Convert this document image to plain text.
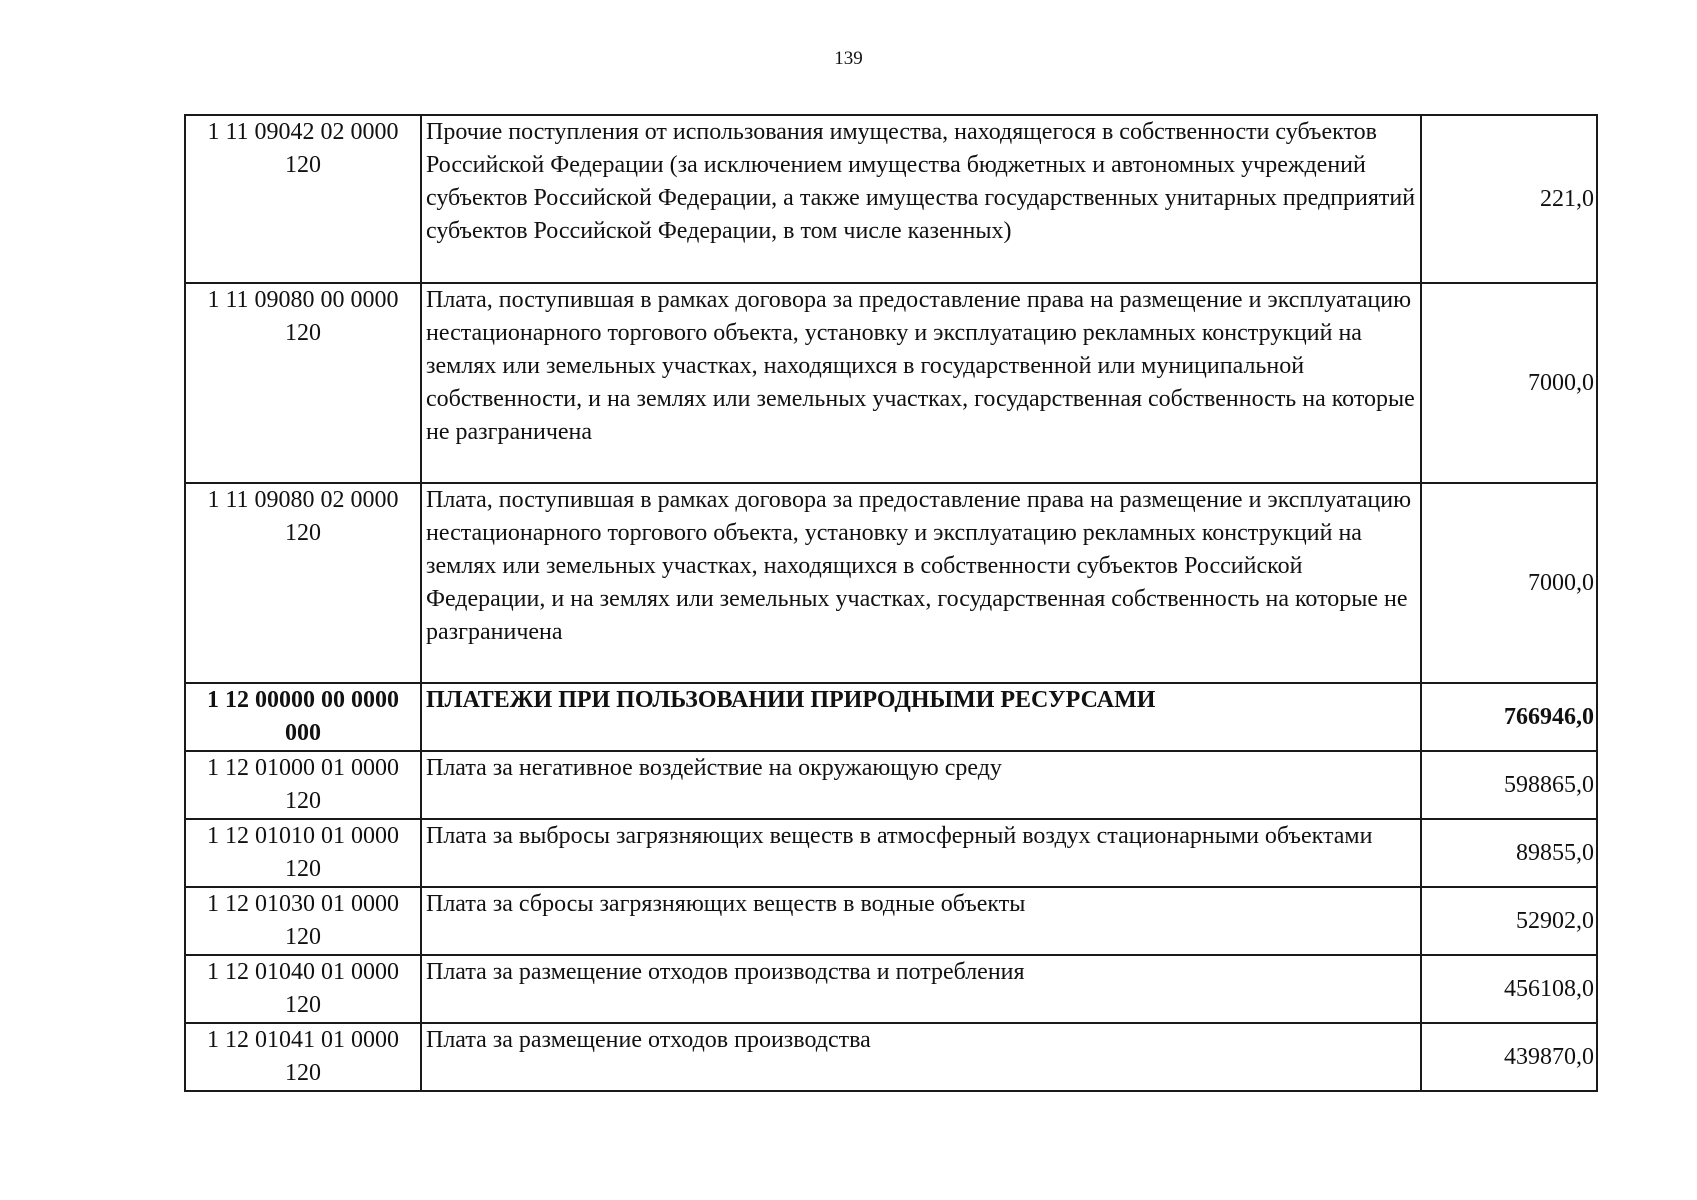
139
1 11 09042 02 0000 120	Прочие поступления от использования имущества, находящегося в собственности субъектов Российской Федерации (за исключением имущества бюджетных и автономных учреждений субъектов Российской Федерации, а также имущества государственных унитарных предприятий субъектов Российской Федерации, в том числе казенных)	221,0
1 11 09080 00 0000 120	Плата, поступившая в рамках договора за предоставление права на размещение и эксплуатацию нестационарного торгового объекта, установку и эксплуатацию рекламных конструкций на землях или земельных участках, находящихся в государственной или муниципальной собственности, и на землях или земельных участках, государственная собственность на которые не разграничена	7000,0
1 11 09080 02 0000 120	Плата, поступившая в рамках договора за предоставление права на размещение и эксплуатацию нестационарного торгового объекта, установку и эксплуатацию рекламных конструкций на землях или земельных участках, находящихся в собственности субъектов Российской Федерации, и на землях или земельных участках, государственная собственность на которые не разграничена	7000,0
1 12 00000 00 0000 000	ПЛАТЕЖИ ПРИ ПОЛЬЗОВАНИИ ПРИРОДНЫМИ РЕСУРСАМИ	766946,0
1 12 01000 01 0000 120	Плата за негативное воздействие на окружающую среду	598865,0
1 12 01010 01 0000 120	Плата за выбросы загрязняющих веществ в атмосферный воздух стационарными объектами	89855,0
1 12 01030 01 0000 120	Плата за сбросы загрязняющих веществ в водные объекты	52902,0
1 12 01040 01 0000 120	Плата за размещение отходов производства и потребления	456108,0
1 12 01041 01 0000 120	Плата за размещение отходов производства	439870,0
